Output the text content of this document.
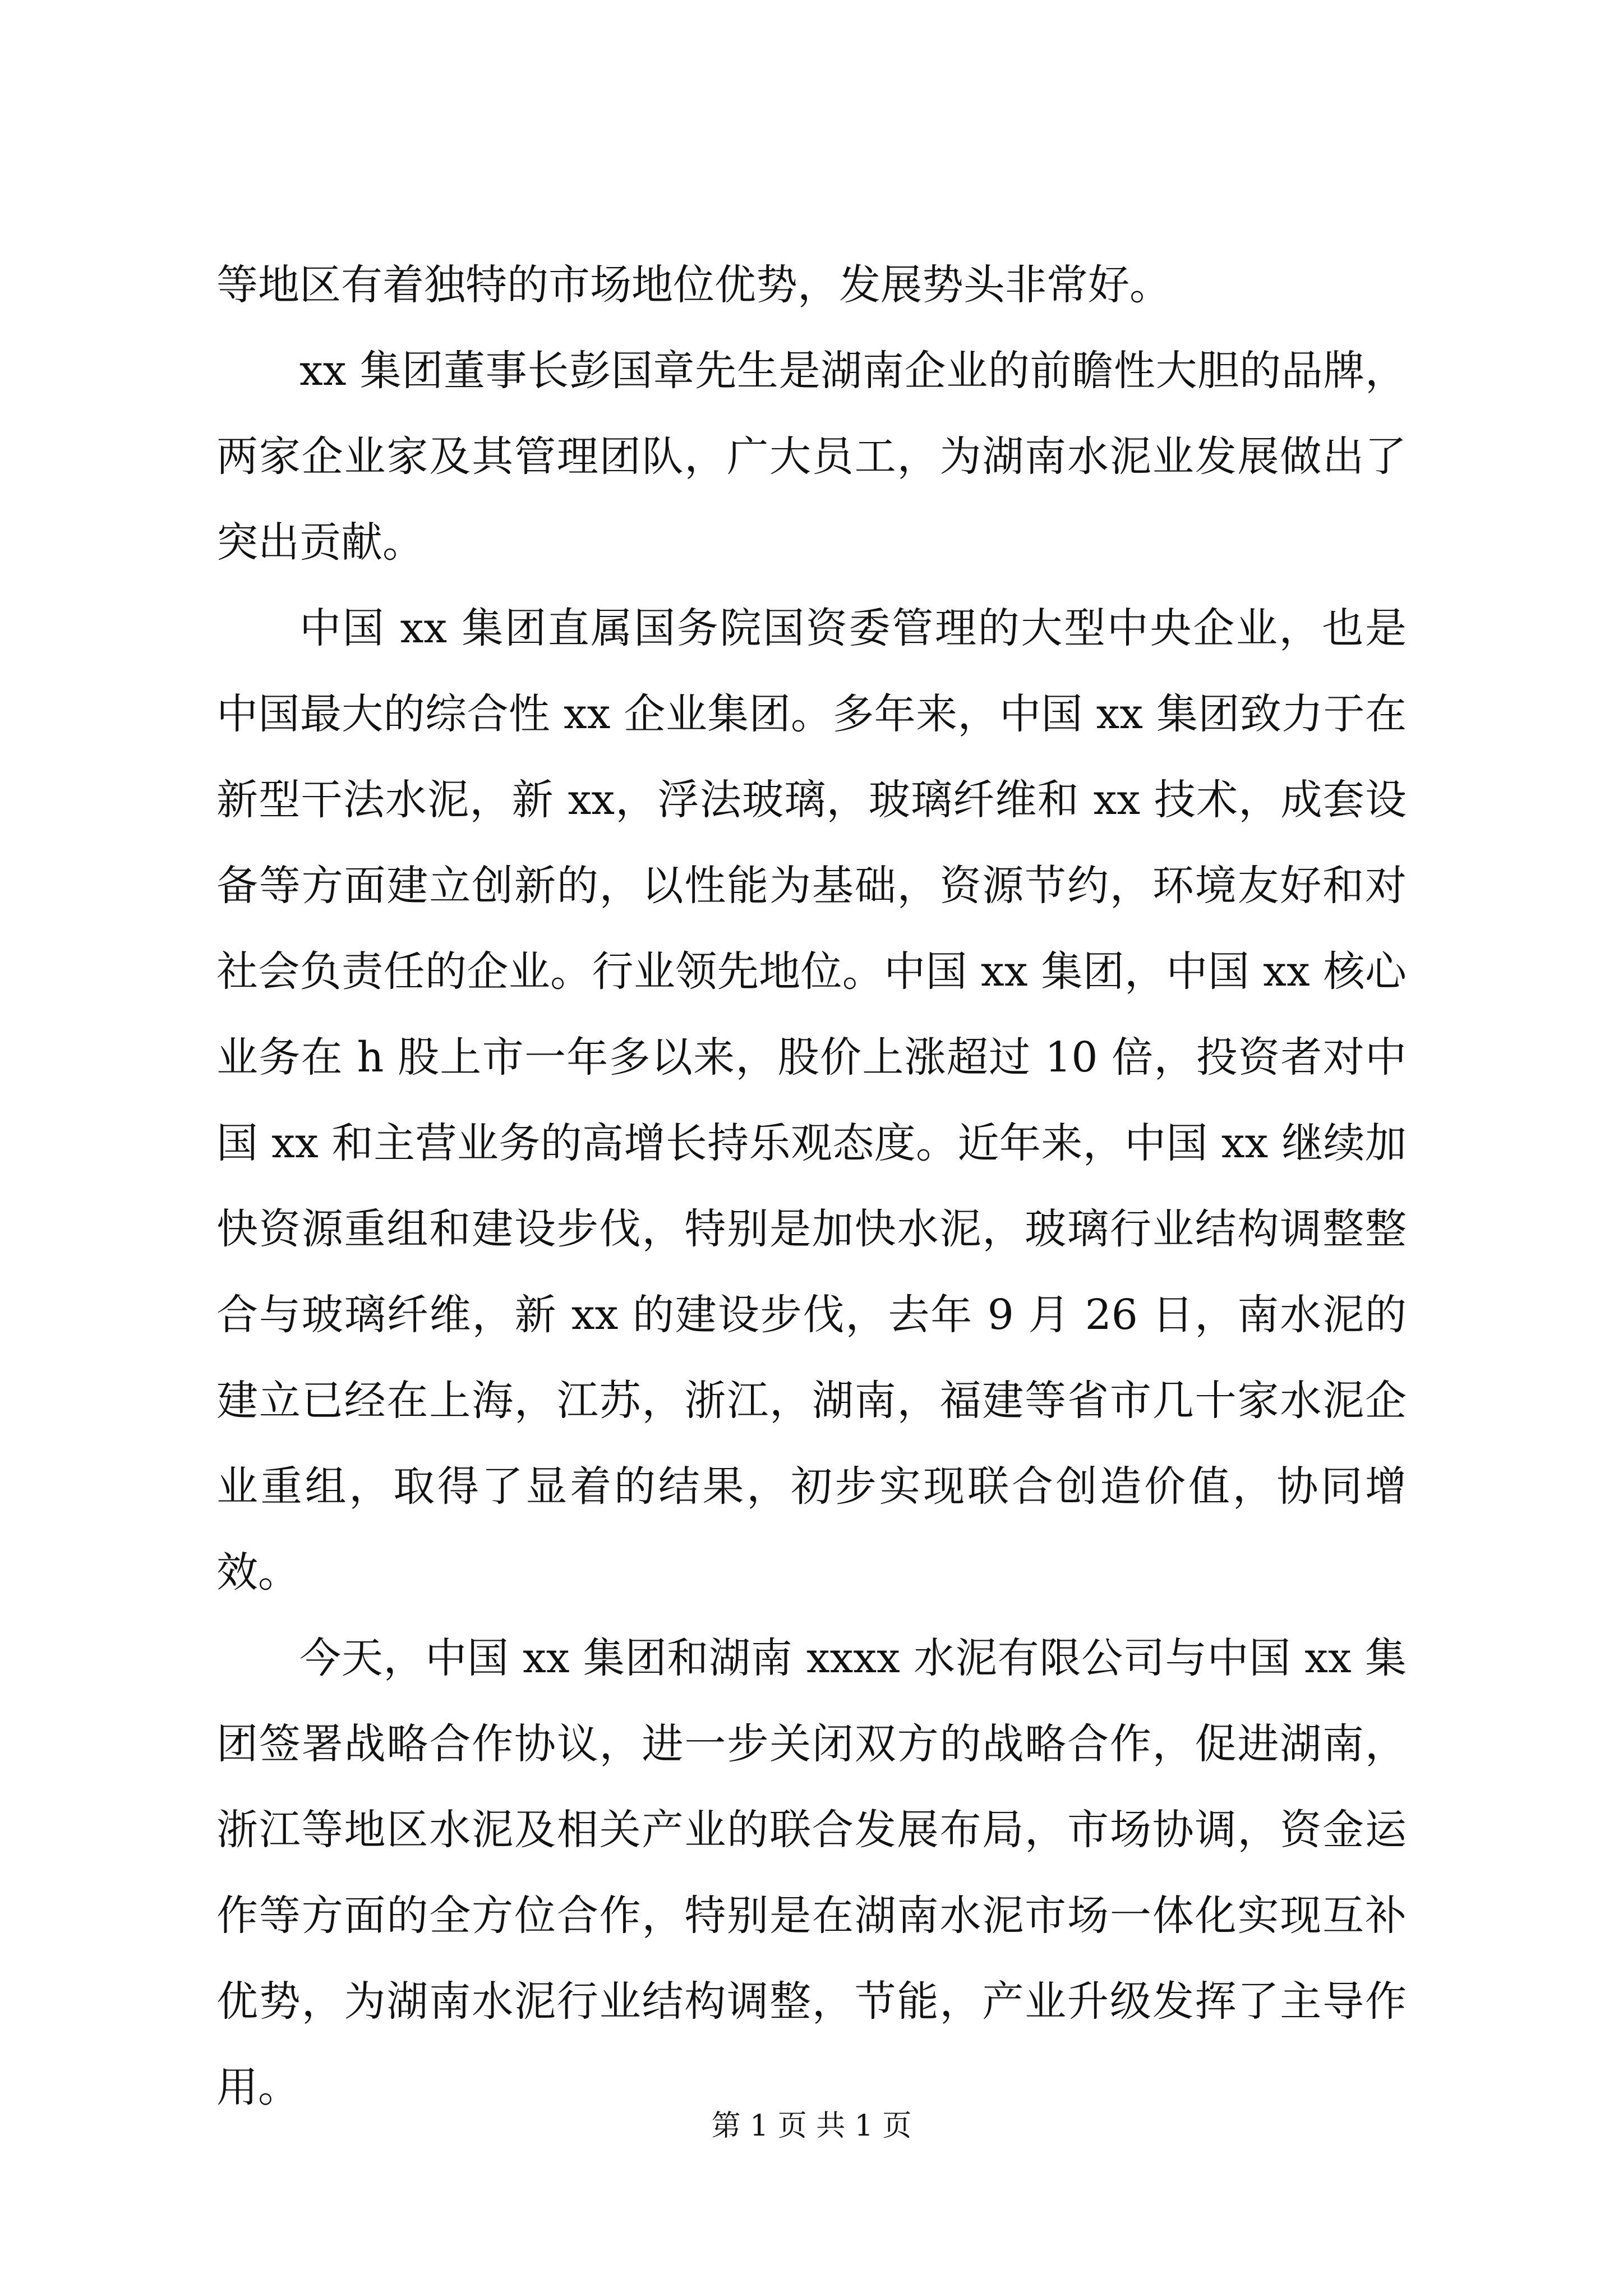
等地区有着独特的市场地位优势，发展势头非常好。

xx 集团董事长彭国章先生是湖南企业的前瞻性大胆的品牌，两家企业家及其管理团队，广大员工，为湖南水泥业发展做出了突出贡献。

中国 xx 集团直属国务院国资委管理的大型中央企业，也是中国最大的综合性 xx 企业集团。多年来，中国 xx 集团致力于在新型干法水泥，新 xx，浮法玻璃，玻璃纤维和 xx 技术，成套设备等方面建立创新的，以性能为基础，资源节约，环境友好和对社会负责任的企业。行业领先地位。中国 xx 集团，中国 xx 核心业务在 h 股上市一年多以来，股价上涨超过 10 倍，投资者对中国 xx 和主营业务的高增长持乐观态度。近年来，中国 xx 继续加快资源重组和建设步伐，特别是加快水泥，玻璃行业结构调整整合与玻璃纤维，新 xx 的建设步伐，去年 9 月 26 日，南水泥的建立已经在上海，江苏，浙江，湖南，福建等省市几十家水泥企业重组，取得了显着的结果，初步实现联合创造价值，协同增效。

今天，中国 xx 集团和湖南 xxxx 水泥有限公司与中国 xx 集团签署战略合作协议，进一步关闭双方的战略合作，促进湖南，浙江等地区水泥及相关产业的联合发展布局，市场协调，资金运作等方面的全方位合作，特别是在湖南水泥市场一体化实现互补优势，为湖南水泥行业结构调整，节能，产业升级发挥了主导作用。

第 1 页 共 1 页
